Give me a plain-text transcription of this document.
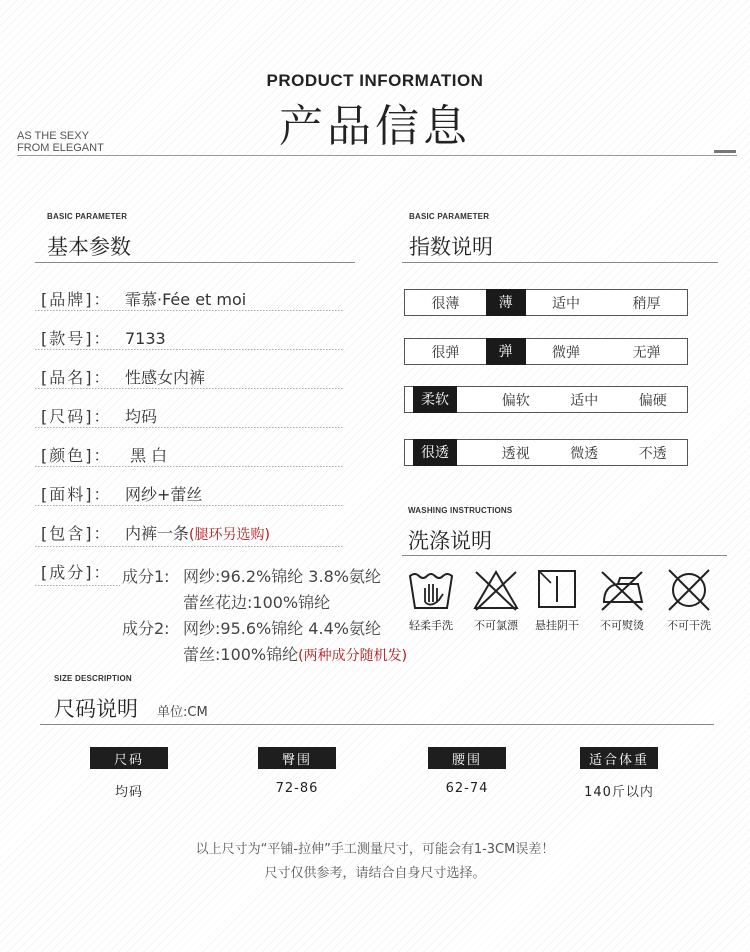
PRODUCT INFORMATION
产品信息
AS THE SEXY
FROM ELEGANT
BASIC PARAMETER
基本参数
[品牌]： 霏慕·Fée et moi
[款号]： 7133
[品名]： 性感女内裤
[尺码]： 均码
[颜色]： 黑 白
[面料]： 网纱+蕾丝
[包含]： 内裤一条(腿环另选购)
[成分]： 成分1: 网纱:96.2%锦纶 3.8%氨纶
蕾丝花边:100%锦纶
成分2: 网纱:95.6%锦纶 4.4%氨纶
蕾丝:100%锦纶(两种成分随机发)
BASIC PARAMETER
指数说明
很薄	薄	适中	稍厚
很弹	弹	微弹	无弹
柔软	偏软	适中	偏硬
很透	透视	微透	不透
WASHING INSTRUCTIONS
洗涤说明
轻柔手洗	不可氯漂	悬挂阴干	不可熨烫	不可干洗
SIZE DESCRIPTION
尺码说明 单位:CM
尺码	臀围	腰围	适合体重
均码	72-86	62-74	140斤以内
以上尺寸为“平铺-拉伸”手工测量尺寸，可能会有1-3CM误差！
尺寸仅供参考，请结合自身尺寸选择。
